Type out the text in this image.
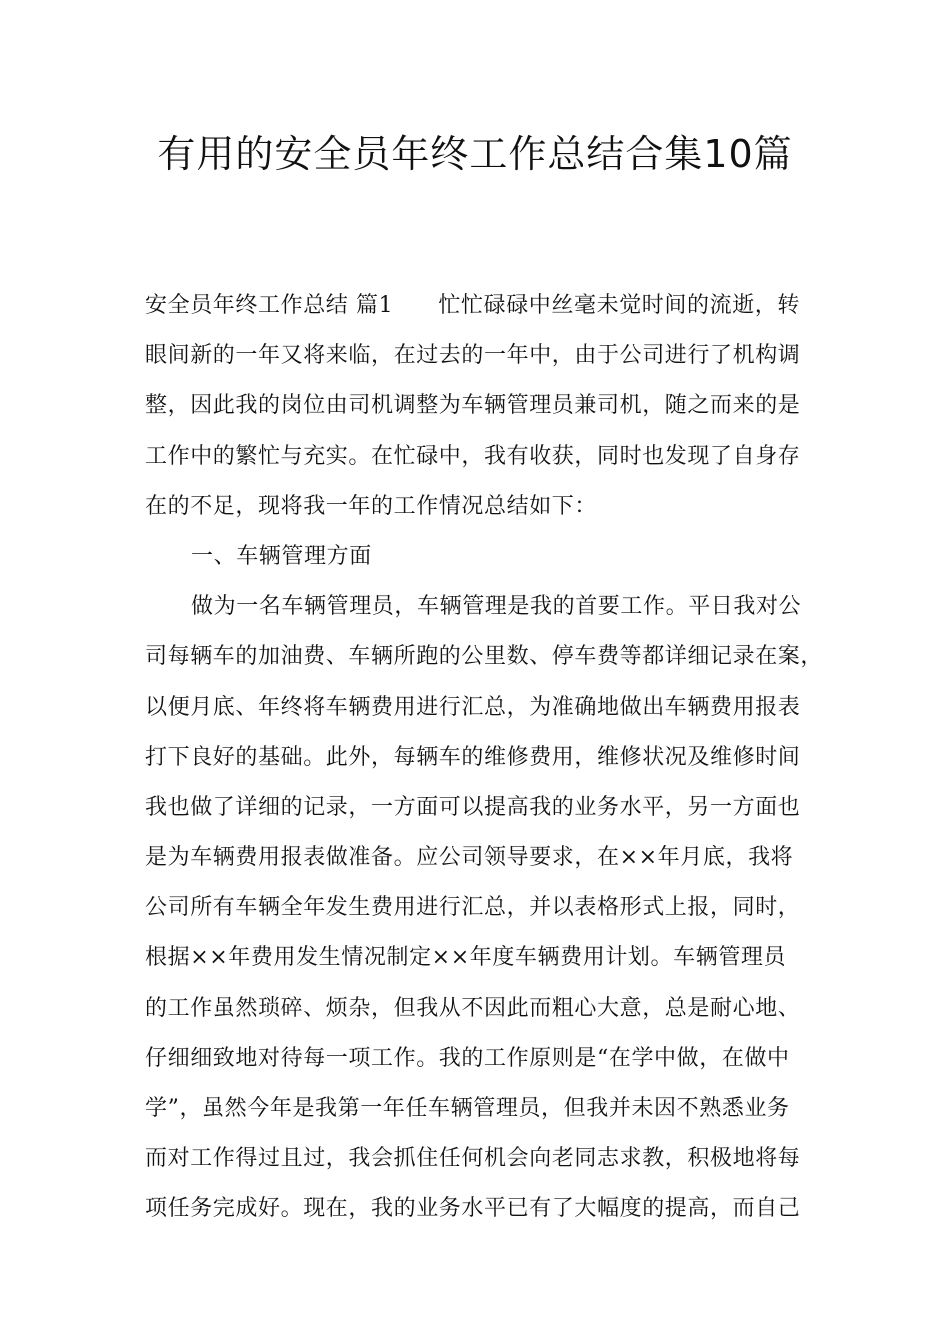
有用的安全员年终工作总结合集10篇
安全员年终工作总结 篇1　　忙忙碌碌中丝毫未觉时间的流逝，转
眼间新的一年又将来临，在过去的一年中，由于公司进行了机构调
整，因此我的岗位由司机调整为车辆管理员兼司机，随之而来的是
工作中的繁忙与充实。在忙碌中，我有收获，同时也发现了自身存
在的不足，现将我一年的工作情况总结如下：
一、车辆管理方面
做为一名车辆管理员，车辆管理是我的首要工作。平日我对公
司每辆车的加油费、车辆所跑的公里数、停车费等都详细记录在案，
以便月底、年终将车辆费用进行汇总，为准确地做出车辆费用报表
打下良好的基础。此外，每辆车的维修费用，维修状况及维修时间
我也做了详细的记录，一方面可以提高我的业务水平，另一方面也
是为车辆费用报表做准备。应公司领导要求，在××年月底，我将
公司所有车辆全年发生费用进行汇总，并以表格形式上报，同时，
根据××年费用发生情况制定××年度车辆费用计划。车辆管理员
的工作虽然琐碎、烦杂，但我从不因此而粗心大意，总是耐心地、
仔细细致地对待每一项工作。我的工作原则是“在学中做，在做中
学”，虽然今年是我第一年任车辆管理员，但我并未因不熟悉业务
而对工作得过且过，我会抓住任何机会向老同志求教，积极地将每
项任务完成好。现在，我的业务水平已有了大幅度的提高，而自己
